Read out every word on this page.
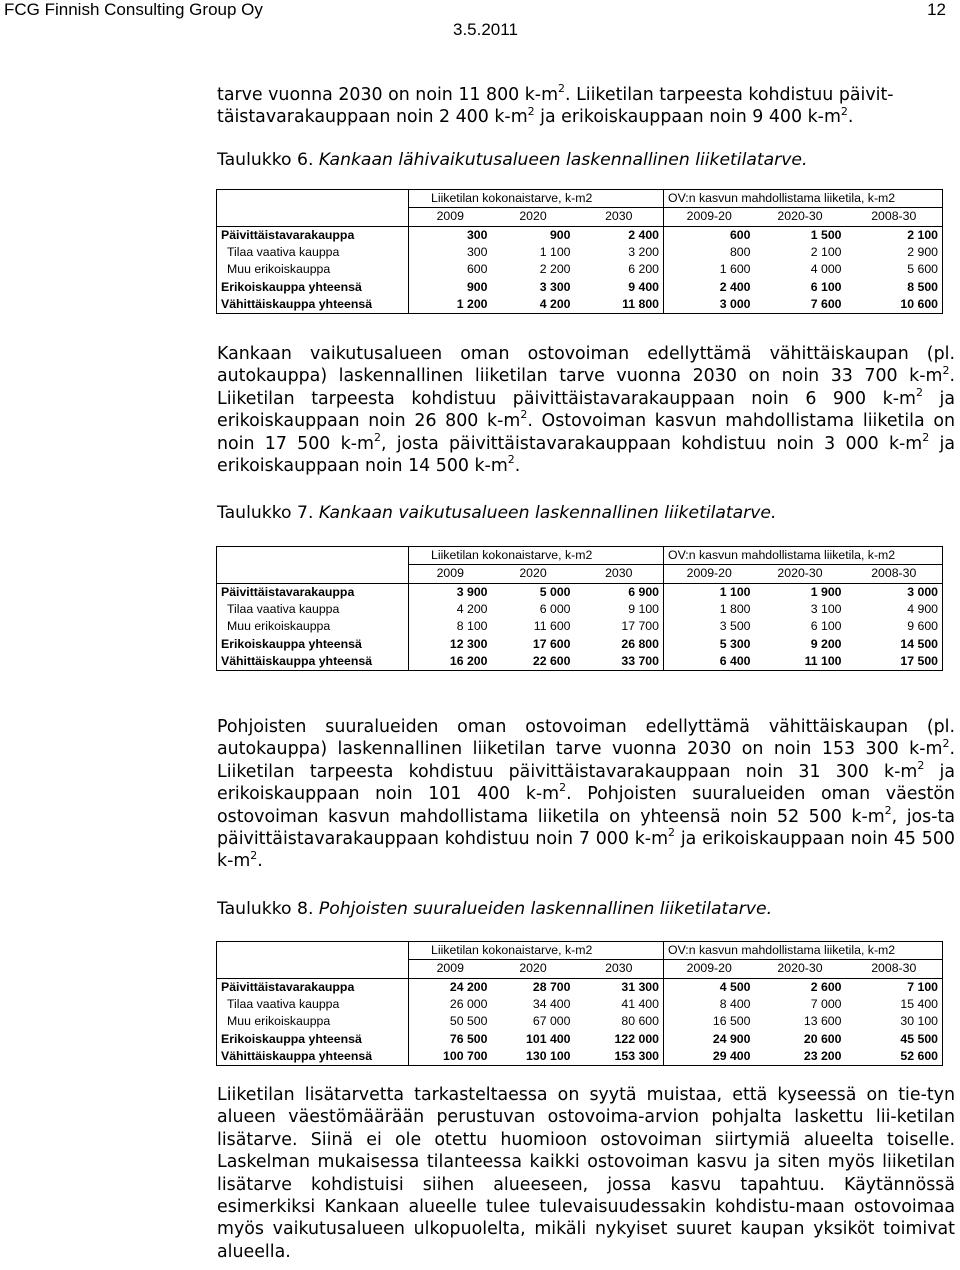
FCG Finnish Consulting Group Oy	12
3.5.2011

tarve vuonna 2030 on noin 11 800 $k-m^2$. Liiketilan tarpeesta kohdistuu päivit-
täistavarakauppaan noin 2 400 $k-m^2$ ja erikoiskauppaan noin 9 400 $k-m^2$.

Taulukko 6. Kankaan lähivaikutusalueen laskennallinen liiketilatarve.

	Liiketilan kokonaistarve, k-m2			OV:n kasvun mahdollistama liiketila, k-m2		
	2009	2020	2030	2009-20	2020-30	2008-30
Päivittäistavarakauppa	300	900	2 400	600	1 500	2 100
Tilaa vaativa kauppa	300	1 100	3 200	800	2 100	2 900
Muu erikoiskauppa	600	2 200	6 200	1 600	4 000	5 600
Erikoiskauppa yhteensä	900	3 300	9 400	2 400	6 100	8 500
Vähittäiskauppa yhteensä	1 200	4 200	11 800	3 000	7 600	10 600

Kankaan vaikutusalueen oman ostovoiman edellyttämä vähittäiskaupan (pl. autokauppa) laskennallinen liiketilan tarve vuonna 2030 on noin 33 700 $k-m^2$. Liiketilan tarpeesta kohdistuu päivittäistavarakauppaan noin 6 900 $k-m^2$ ja erikoiskauppaan noin 26 800 $k-m^2$. Ostovoiman kasvun mahdollistama liiketila on noin 17 500 $k-m^2$, josta päivittäistavarakauppaan kohdistuu noin 3 000 $k-m^2$ ja erikoiskauppaan noin 14 500 $k-m^2$.

Taulukko 7. Kankaan vaikutusalueen laskennallinen liiketilatarve.

	Liiketilan kokonaistarve, k-m2			OV:n kasvun mahdollistama liiketila, k-m2		
	2009	2020	2030	2009-20	2020-30	2008-30
Päivittäistavarakauppa	3 900	5 000	6 900	1 100	1 900	3 000
Tilaa vaativa kauppa	4 200	6 000	9 100	1 800	3 100	4 900
Muu erikoiskauppa	8 100	11 600	17 700	3 500	6 100	9 600
Erikoiskauppa yhteensä	12 300	17 600	26 800	5 300	9 200	14 500
Vähittäiskauppa yhteensä	16 200	22 600	33 700	6 400	11 100	17 500

Pohjoisten suuralueiden oman ostovoiman edellyttämä vähittäiskaupan (pl. autokauppa) laskennallinen liiketilan tarve vuonna 2030 on noin 153 300 $k-m^2$. Liiketilan tarpeesta kohdistuu päivittäistavarakauppaan noin 31 300 $k-m^2$ ja erikoiskauppaan noin 101 400 $k-m^2$. Pohjoisten suuralueiden oman väestön ostovoiman kasvun mahdollistama liiketila on yhteensä noin 52 500 $k-m^2$, jos-ta päivittäistavarakauppaan kohdistuu noin 7 000 $k-m^2$ ja erikoiskauppaan noin 45 500 $k-m^2$.

Taulukko 8. Pohjoisten suuralueiden laskennallinen liiketilatarve.

	Liiketilan kokonaistarve, k-m2			OV:n kasvun mahdollistama liiketila, k-m2		
	2009	2020	2030	2009-20	2020-30	2008-30
Päivittäistavarakauppa	24 200	28 700	31 300	4 500	2 600	7 100
Tilaa vaativa kauppa	26 000	34 400	41 400	8 400	7 000	15 400
Muu erikoiskauppa	50 500	67 000	80 600	16 500	13 600	30 100
Erikoiskauppa yhteensä	76 500	101 400	122 000	24 900	20 600	45 500
Vähittäiskauppa yhteensä	100 700	130 100	153 300	29 400	23 200	52 600

Liiketilan lisätarvetta tarkasteltaessa on syytä muistaa, että kyseessä on tie-tyn alueen väestömäärään perustuvan ostovoima-arvion pohjalta laskettu lii-ketilan lisätarve. Siinä ei ole otettu huomioon ostovoiman siirtymiä alueelta toiselle. Laskelman mukaisessa tilanteessa kaikki ostovoiman kasvu ja siten myös liiketilan lisätarve kohdistuisi siihen alueeseen, jossa kasvu tapahtuu. Käytännössä esimerkiksi Kankaan alueelle tulee tulevaisuudessakin kohdistu-maan ostovoimaa myös vaikutusalueen ulkopuolelta, mikäli nykyiset suuret kaupan yksiköt toimivat alueella.
